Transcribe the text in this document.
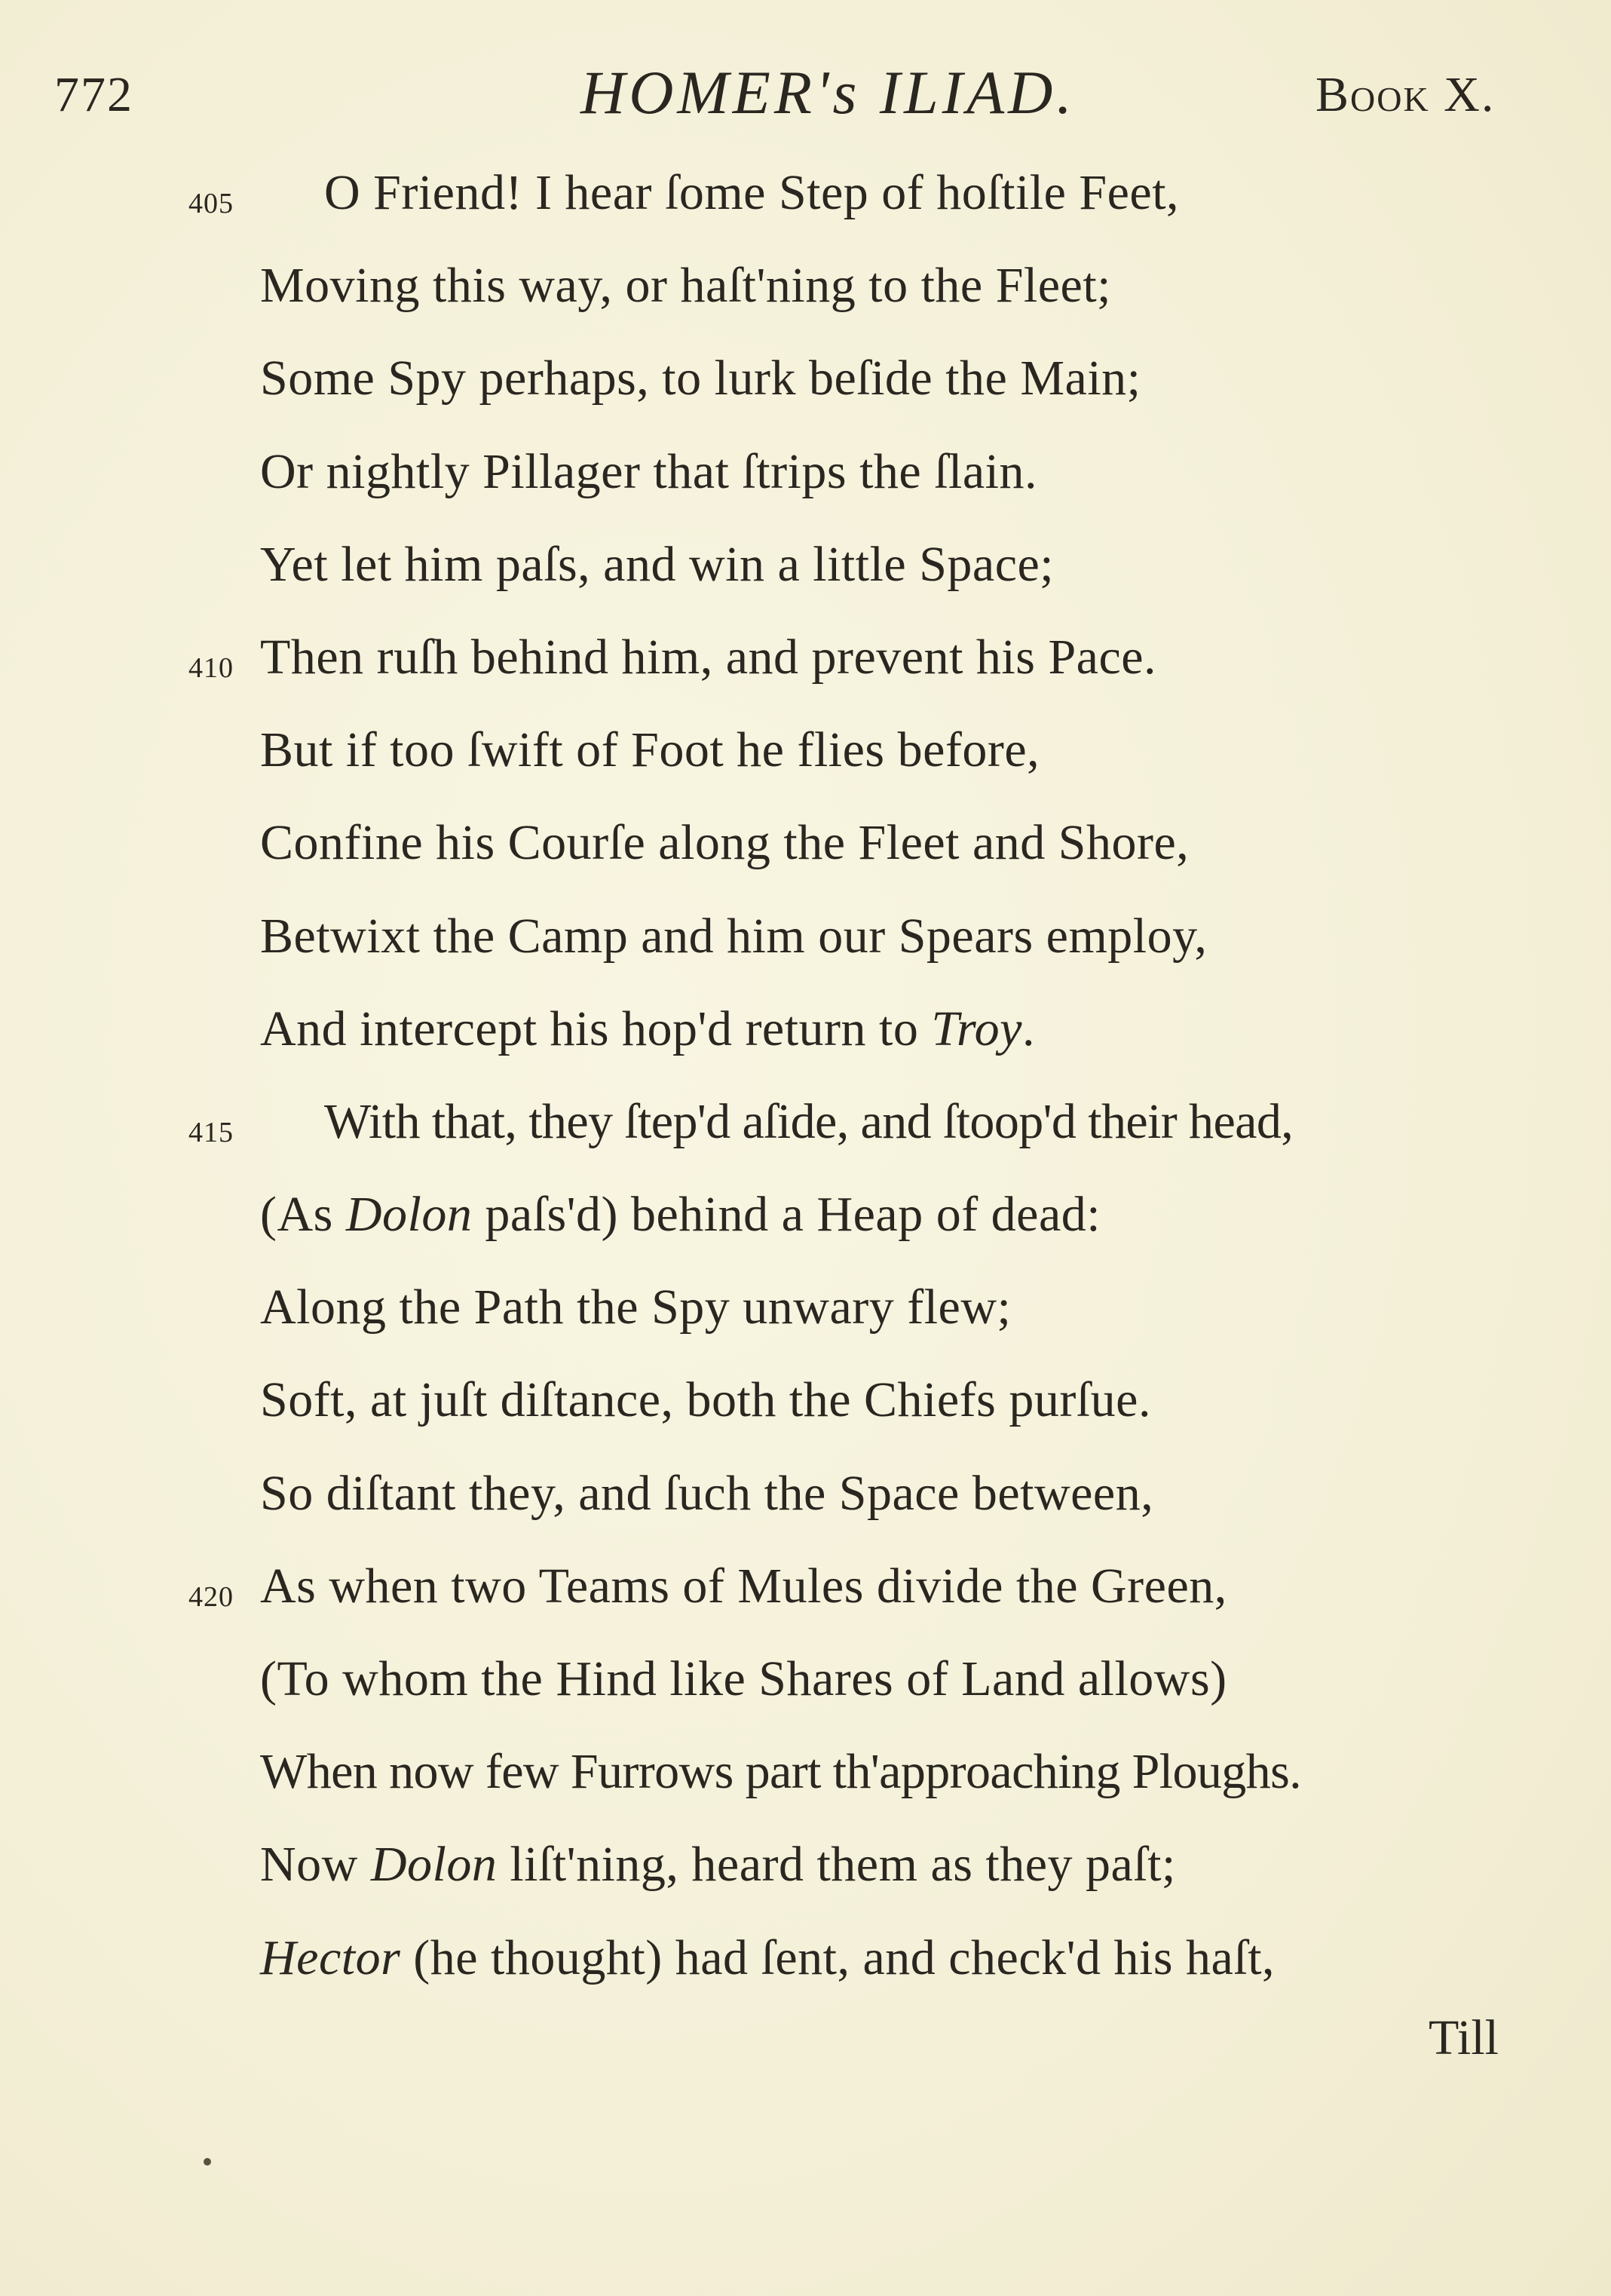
772	HOMER's ILIAD.	Book X.
405 O Friend! I hear ſome Step of hoſtile Feet,
Moving this way, or haſt'ning to the Fleet;
Some Spy perhaps, to lurk beſide the Main;
Or nightly Pillager that ſtrips the ſlain.
Yet let him paſs, and win a little Space;
410 Then ruſh behind him, and prevent his Pace.
But if too ſwift of Foot he flies before,
Confine his Courſe along the Fleet and Shore,
Betwixt the Camp and him our Spears employ,
And intercept his hop'd return to Troy.
415 With that, they ſtep'd aſide, and ſtoop'd their head,
(As Dolon paſs'd) behind a Heap of dead:
Along the Path the Spy unwary flew;
Soft, at juſt diſtance, both the Chiefs purſue.
So diſtant they, and ſuch the Space between,
420 As when two Teams of Mules divide the Green,
(To whom the Hind like Shares of Land allows)
When now few Furrows part th'approaching Ploughs.
Now Dolon liſt'ning, heard them as they paſt;
Hector (he thought) had ſent, and check'd his haſt,
Till
